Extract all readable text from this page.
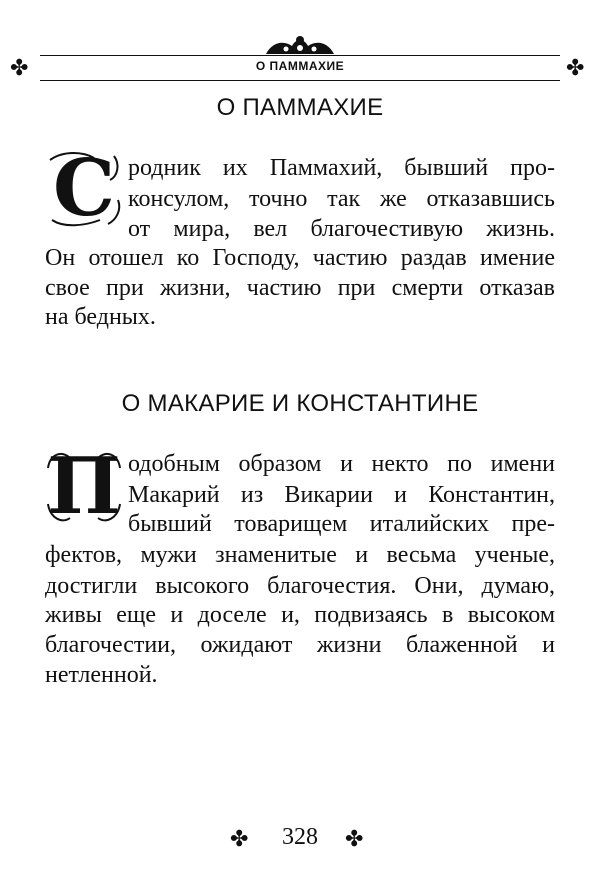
✤	✤
О ПАММАХИЕ
О ПАММАХИЕ
С родник их Паммахий, бывший про-
консулом, точно так же отказавшись
от мира, вел благочестивую жизнь.
Он отошел ко Господу, частию раздав имение
свое при жизни, частию при смерти отказав
на бедных.
О МАКАРИЕ И КОНСТАНТИНЕ
П одобным образом и некто по имени
Макарий из Викарии и Константин,
бывший товарищем италийских пре-
фектов, мужи знаменитые и весьма ученые,
достигли высокого благочестия. Они, думаю,
живы еще и доселе и, подвизаясь в высоком
благочестии, ожидают жизни блаженной и
нетленной.
✤	328	✤
